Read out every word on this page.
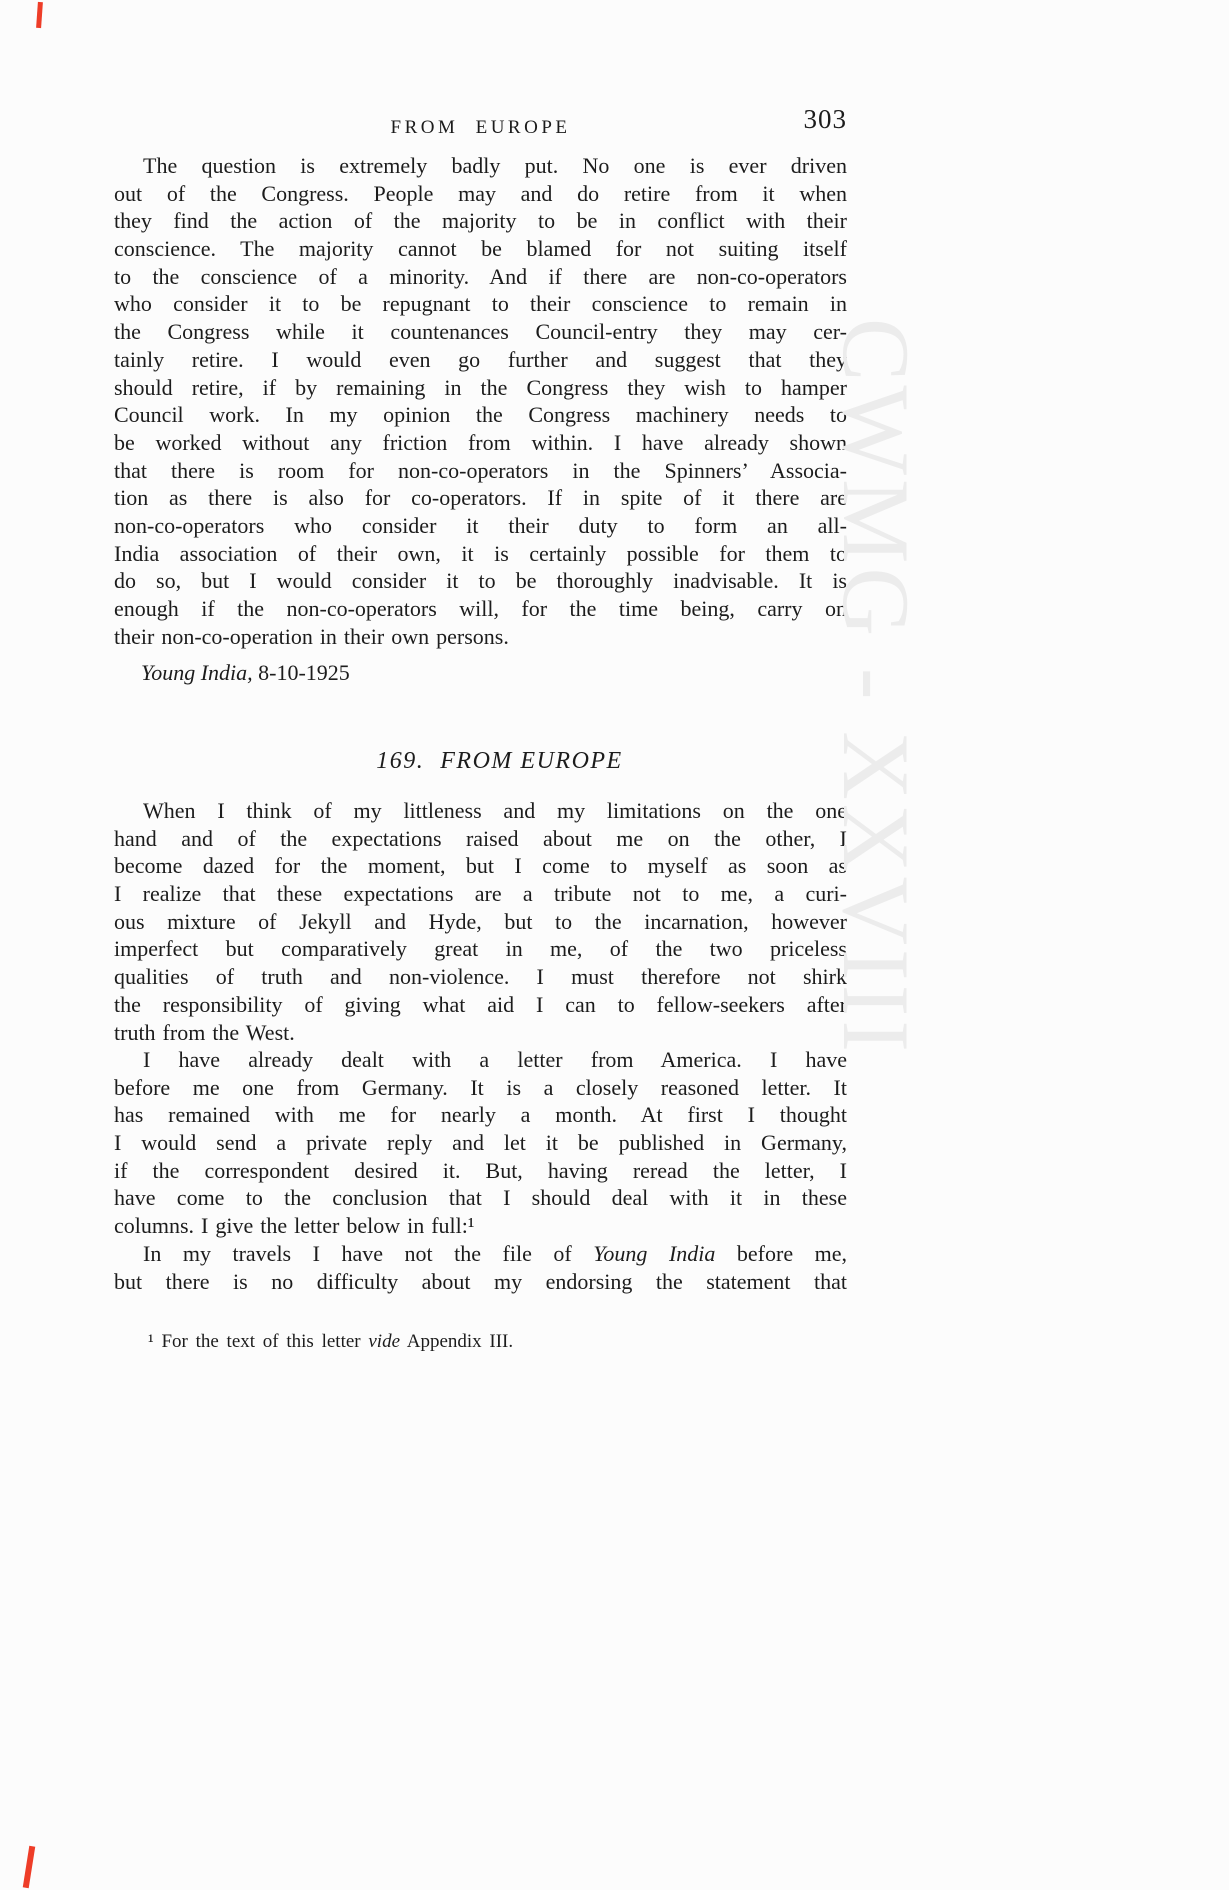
FROM EUROPE	303
The question is extremely badly put. No one is ever driven
out of the Congress. People may and do retire from it when
they find the action of the majority to be in conflict with their
conscience. The majority cannot be blamed for not suiting itself
to the conscience of a minority. And if there are non-co-operators
who consider it to be repugnant to their conscience to remain in
the Congress while it countenances Council-entry they may cer-
tainly retire. I would even go further and suggest that they
should retire, if by remaining in the Congress they wish to hamper
Council work. In my opinion the Congress machinery needs to
be worked without any friction from within. I have already shown
that there is room for non-co-operators in the Spinners’ Associa-
tion as there is also for co-operators. If in spite of it there are
non-co-operators who consider it their duty to form an all-
India association of their own, it is certainly possible for them to
do so, but I would consider it to be thoroughly inadvisable. It is
enough if the non-co-operators will, for the time being, carry on
their non-co-operation in their own persons.
Young India, 8-10-1925
169. FROM EUROPE
When I think of my littleness and my limitations on the one
hand and of the expectations raised about me on the other, I
become dazed for the moment, but I come to myself as soon as
I realize that these expectations are a tribute not to me, a curi-
ous mixture of Jekyll and Hyde, but to the incarnation, however
imperfect but comparatively great in me, of the two priceless
qualities of truth and non-violence. I must therefore not shirk
the responsibility of giving what aid I can to fellow-seekers after
truth from the West.
I have already dealt with a letter from America. I have
before me one from Germany. It is a closely reasoned letter. It
has remained with me for nearly a month. At first I thought
I would send a private reply and let it be published in Germany,
if the correspondent desired it. But, having reread the letter, I
have come to the conclusion that I should deal with it in these
columns. I give the letter below in full:¹
In my travels I have not the file of Young India before me,
but there is no difficulty about my endorsing the statement that
¹ For the text of this letter vide Appendix III.
CWMG - XXVIII
